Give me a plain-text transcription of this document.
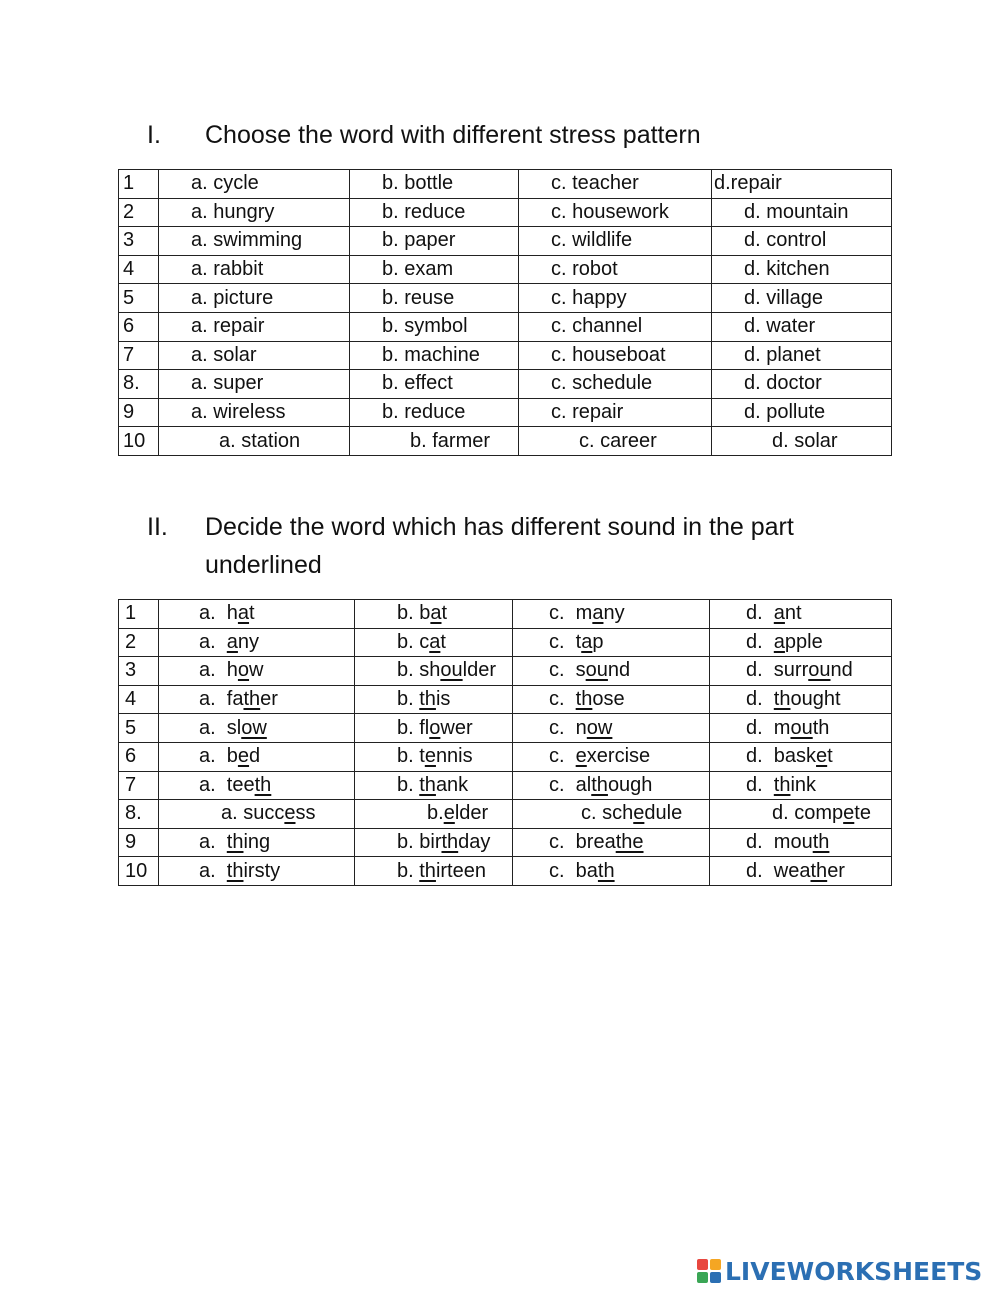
I. Choose the word with different stress pattern
1	a. cycle	b. bottle	c. teacher	d.repair
2	a. hungry	b. reduce	c. housework	d. mountain
3	a. swimming	b. paper	c. wildlife	d. control
4	a. rabbit	b. exam	c. robot	d. kitchen
5	a. picture	b. reuse	c. happy	d. village
6	a. repair	b. symbol	c. channel	d. water
7	a. solar	b. machine	c. houseboat	d. planet
8.	a. super	b. effect	c. schedule	d. doctor
9	a. wireless	b. reduce	c. repair	d. pollute
10	a. station	b. farmer	c. career	d. solar
II. Decide the word which has different sound in the part underlined
1	a.  hat	b. bat	c.  many	d.  ant
2	a.  any	b. cat	c.  tap	d.  apple
3	a.  how	b. shoulder	c.  sound	d.  surround
4	a.  father	b. this	c.  those	d.  thought
5	a.  slow	b. flower	c.  now	d.  mouth
6	a.  bed	b. tennis	c.  exercise	d.  basket
7	a.  teeth	b. thank	c.  although	d.  think
8.	a. success	b.elder	c. schedule	d. compete
9	a.  thing	b. birthday	c.  breathe	d.  mouth
10	a.  thirsty	b. thirteen	c.  bath	d.  weather
LIVEWORKSHEETS
